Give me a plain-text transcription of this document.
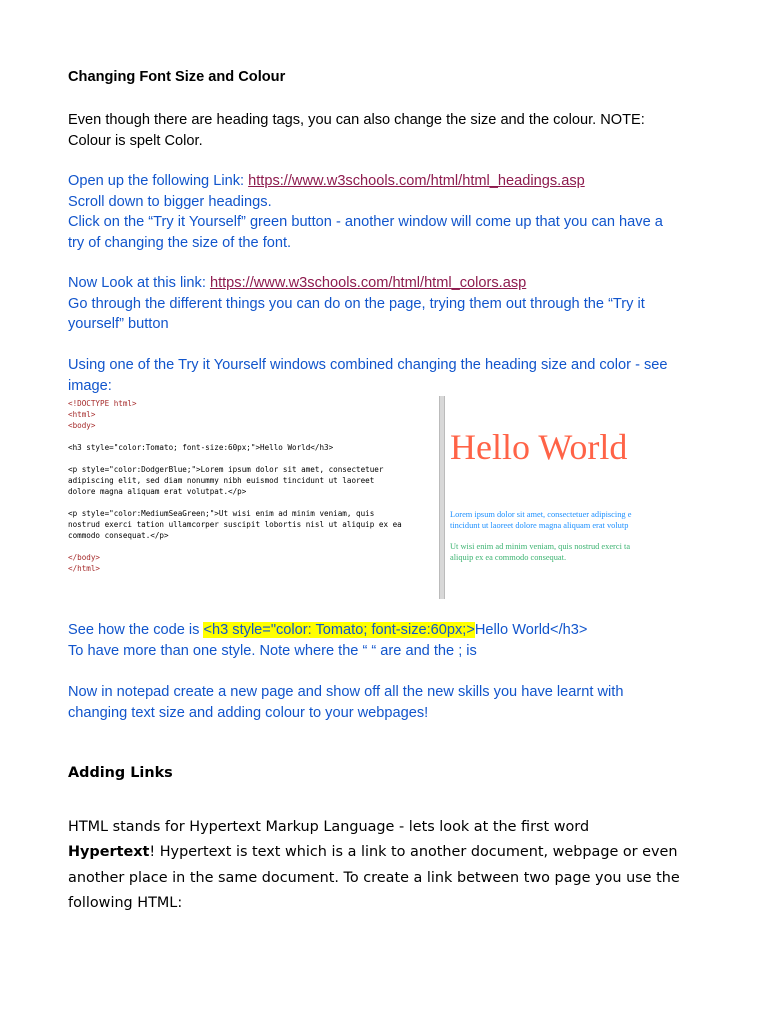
Changing Font Size and Colour

Even though there are heading tags, you can also change the size and the colour. NOTE: Colour is spelt Color.

Open up the following Link: https://www.w3schools.com/html/html_headings.asp

Scroll down to bigger headings.

Click on the “Try it Yourself” green button - another window will come up that you can have a try of changing the size of the font.

Now Look at this link: https://www.w3schools.com/html/html_colors.asp

Go through the different things you can do on the page, trying them out through the “Try it yourself” button

Using one of the Try it Yourself windows combined changing the heading size and color - see image:

<!DOCTYPE html>
<html>
<body>

<h3 style="color:Tomato; font-size:60px;">Hello World</h3>

<p style="color:DodgerBlue;">Lorem ipsum dolor sit amet, consectetuer
adipiscing elit, sed diam nonummy nibh euismod tincidunt ut laoreet
dolore magna aliquam erat volutpat.</p>

<p style="color:MediumSeaGreen;">Ut wisi enim ad minim veniam, quis
nostrud exerci tation ullamcorper suscipit lobortis nisl ut aliquip ex ea
commodo consequat.</p>

</body>
</html>
Hello World
Lorem ipsum dolor sit amet, consectetuer adipiscing e
tincidunt ut laoreet dolore magna aliquam erat volutp
Ut wisi enim ad minim veniam, quis nostrud exerci ta
aliquip ex ea commodo consequat.

See how the code is <h3 style="color: Tomato; font-size:60px;>Hello World</h3>

To have more than one style. Note where the “ “ are and the ; is

Now in notepad create a new page and show off all the new skills you have learnt with changing text size and adding colour to your webpages!

Adding Links

HTML stands for Hypertext Markup Language - lets look at the first word Hypertext! Hypertext is text which is a link to another document, webpage or even another place in the same document. To create a link between two page you use the following HTML:
